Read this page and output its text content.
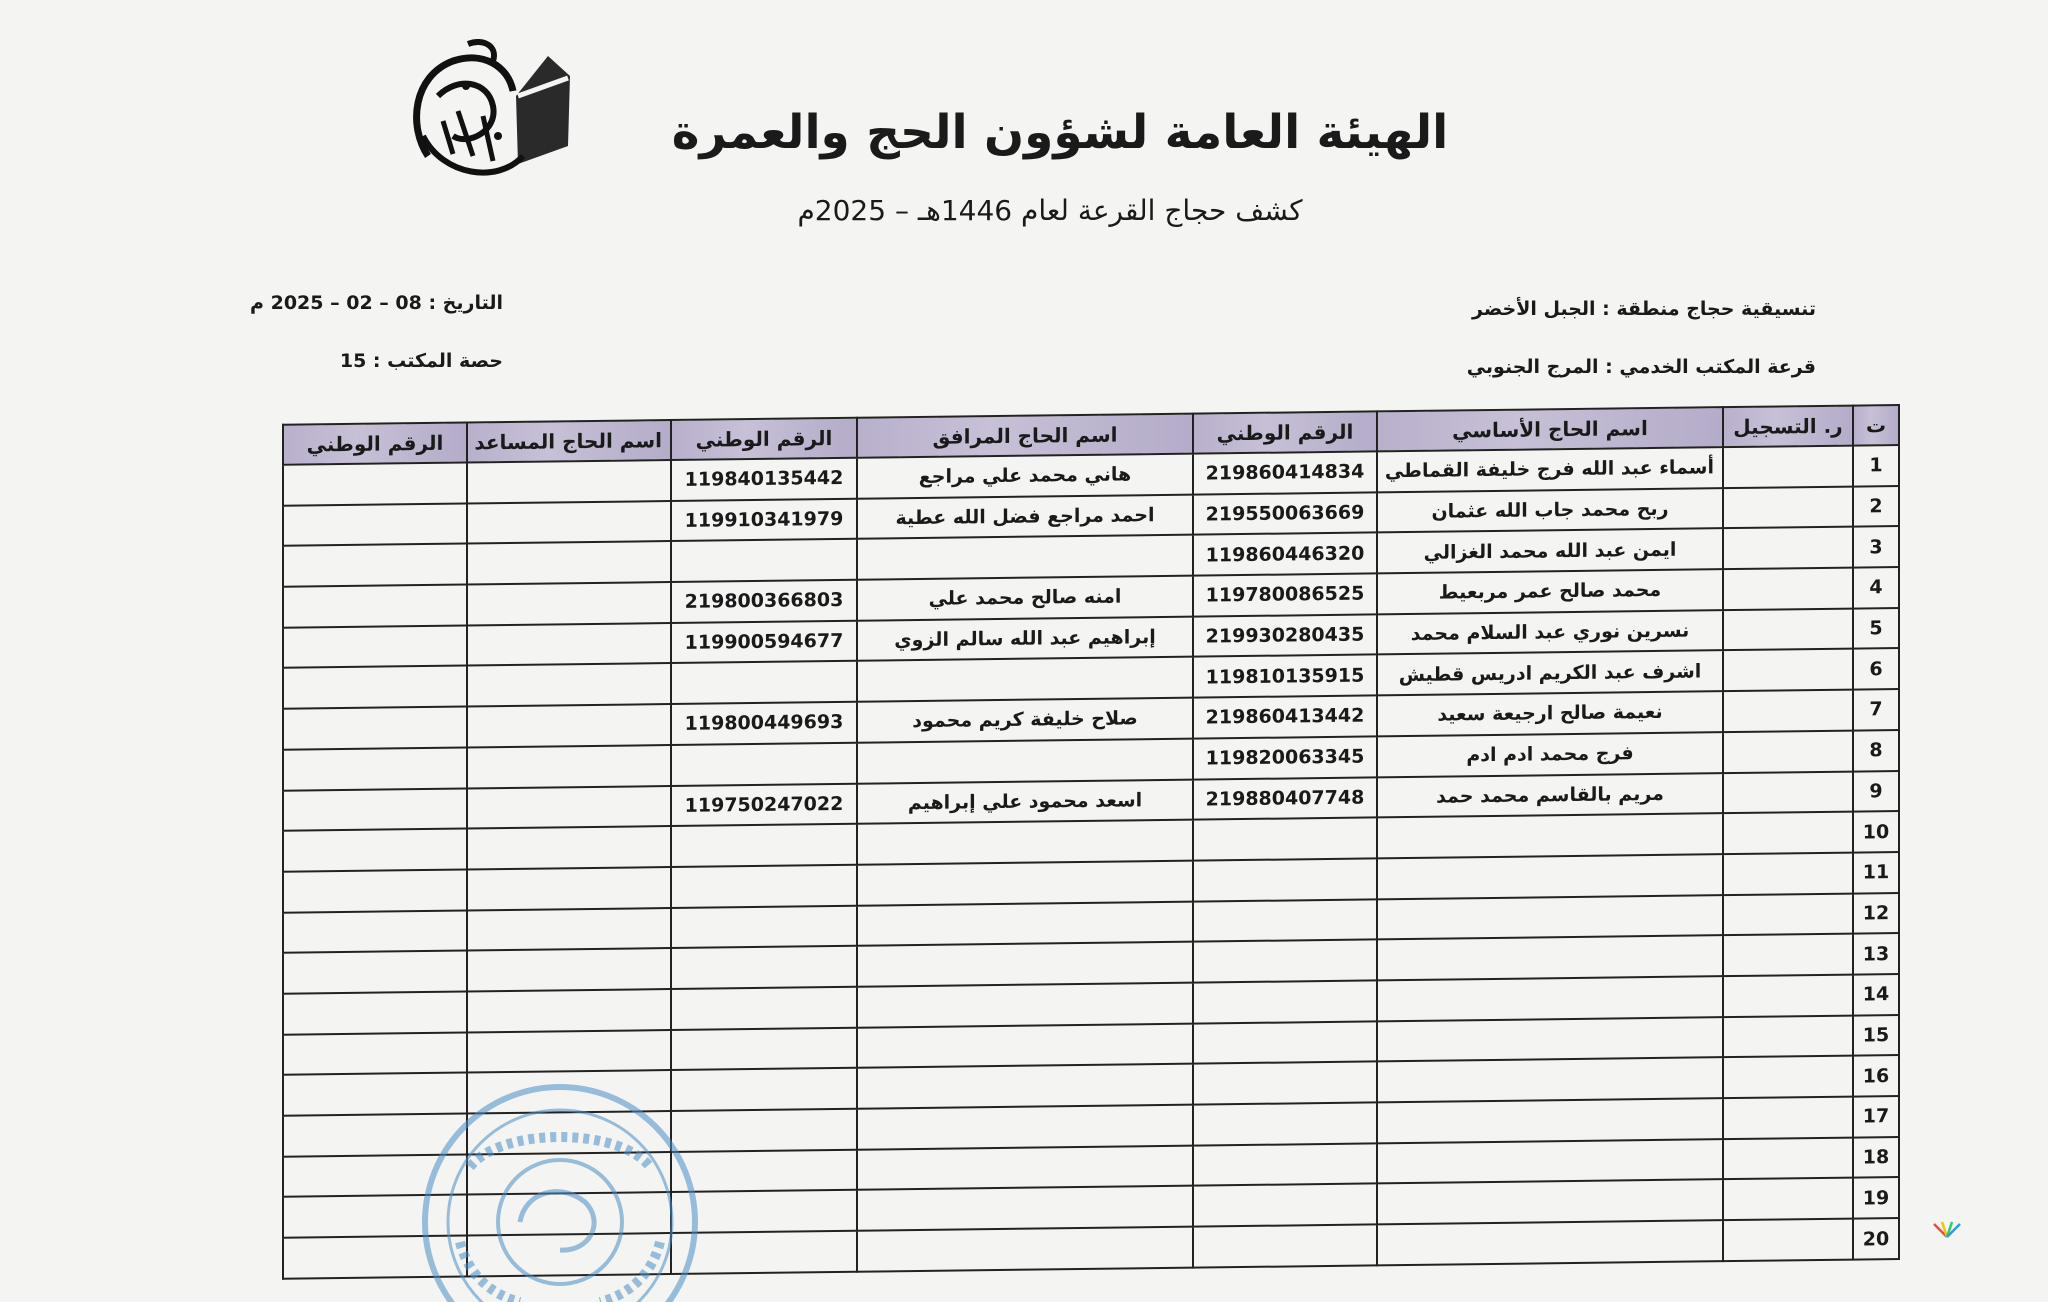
الهيئة العامة لشؤون الحج والعمرة
كشف حجاج القرعة لعام 1446هـ – 2025م
تنسيقية حجاج منطقة : الجبل الأخضر
قرعة المكتب الخدمي : المرج الجنوبي
التاريخ : 08 – 02 – 2025 م
حصة المكتب : 15
ت	ر. التسجيل	اسم الحاج الأساسي	الرقم الوطني	اسم الحاج المرافق	الرقم الوطني	اسم الحاج المساعد	الرقم الوطني
1		أسماء عبد الله فرج خليفة القماطي	219860414834	هاني محمد علي مراجع	119840135442		
2		ربح محمد جاب الله عثمان	219550063669	احمد مراجع فضل الله عطية	119910341979		
3		ايمن عبد الله محمد الغزالي	119860446320				
4		محمد صالح عمر مربعيط	119780086525	امنه صالح محمد علي	219800366803		
5		نسرين نوري عبد السلام محمد	219930280435	إبراهيم عبد الله سالم الزوي	119900594677		
6		اشرف عبد الكريم ادريس قطيش	119810135915				
7		نعيمة صالح ارجيعة سعيد	219860413442	صلاح خليفة كريم محمود	119800449693		
8		فرج محمد ادم ادم	119820063345				
9		مريم بالقاسم محمد حمد	219880407748	اسعد محمود علي إبراهيم	119750247022		
10							
11							
12							
13							
14							
15							
16							
17							
18							
19							
20							
